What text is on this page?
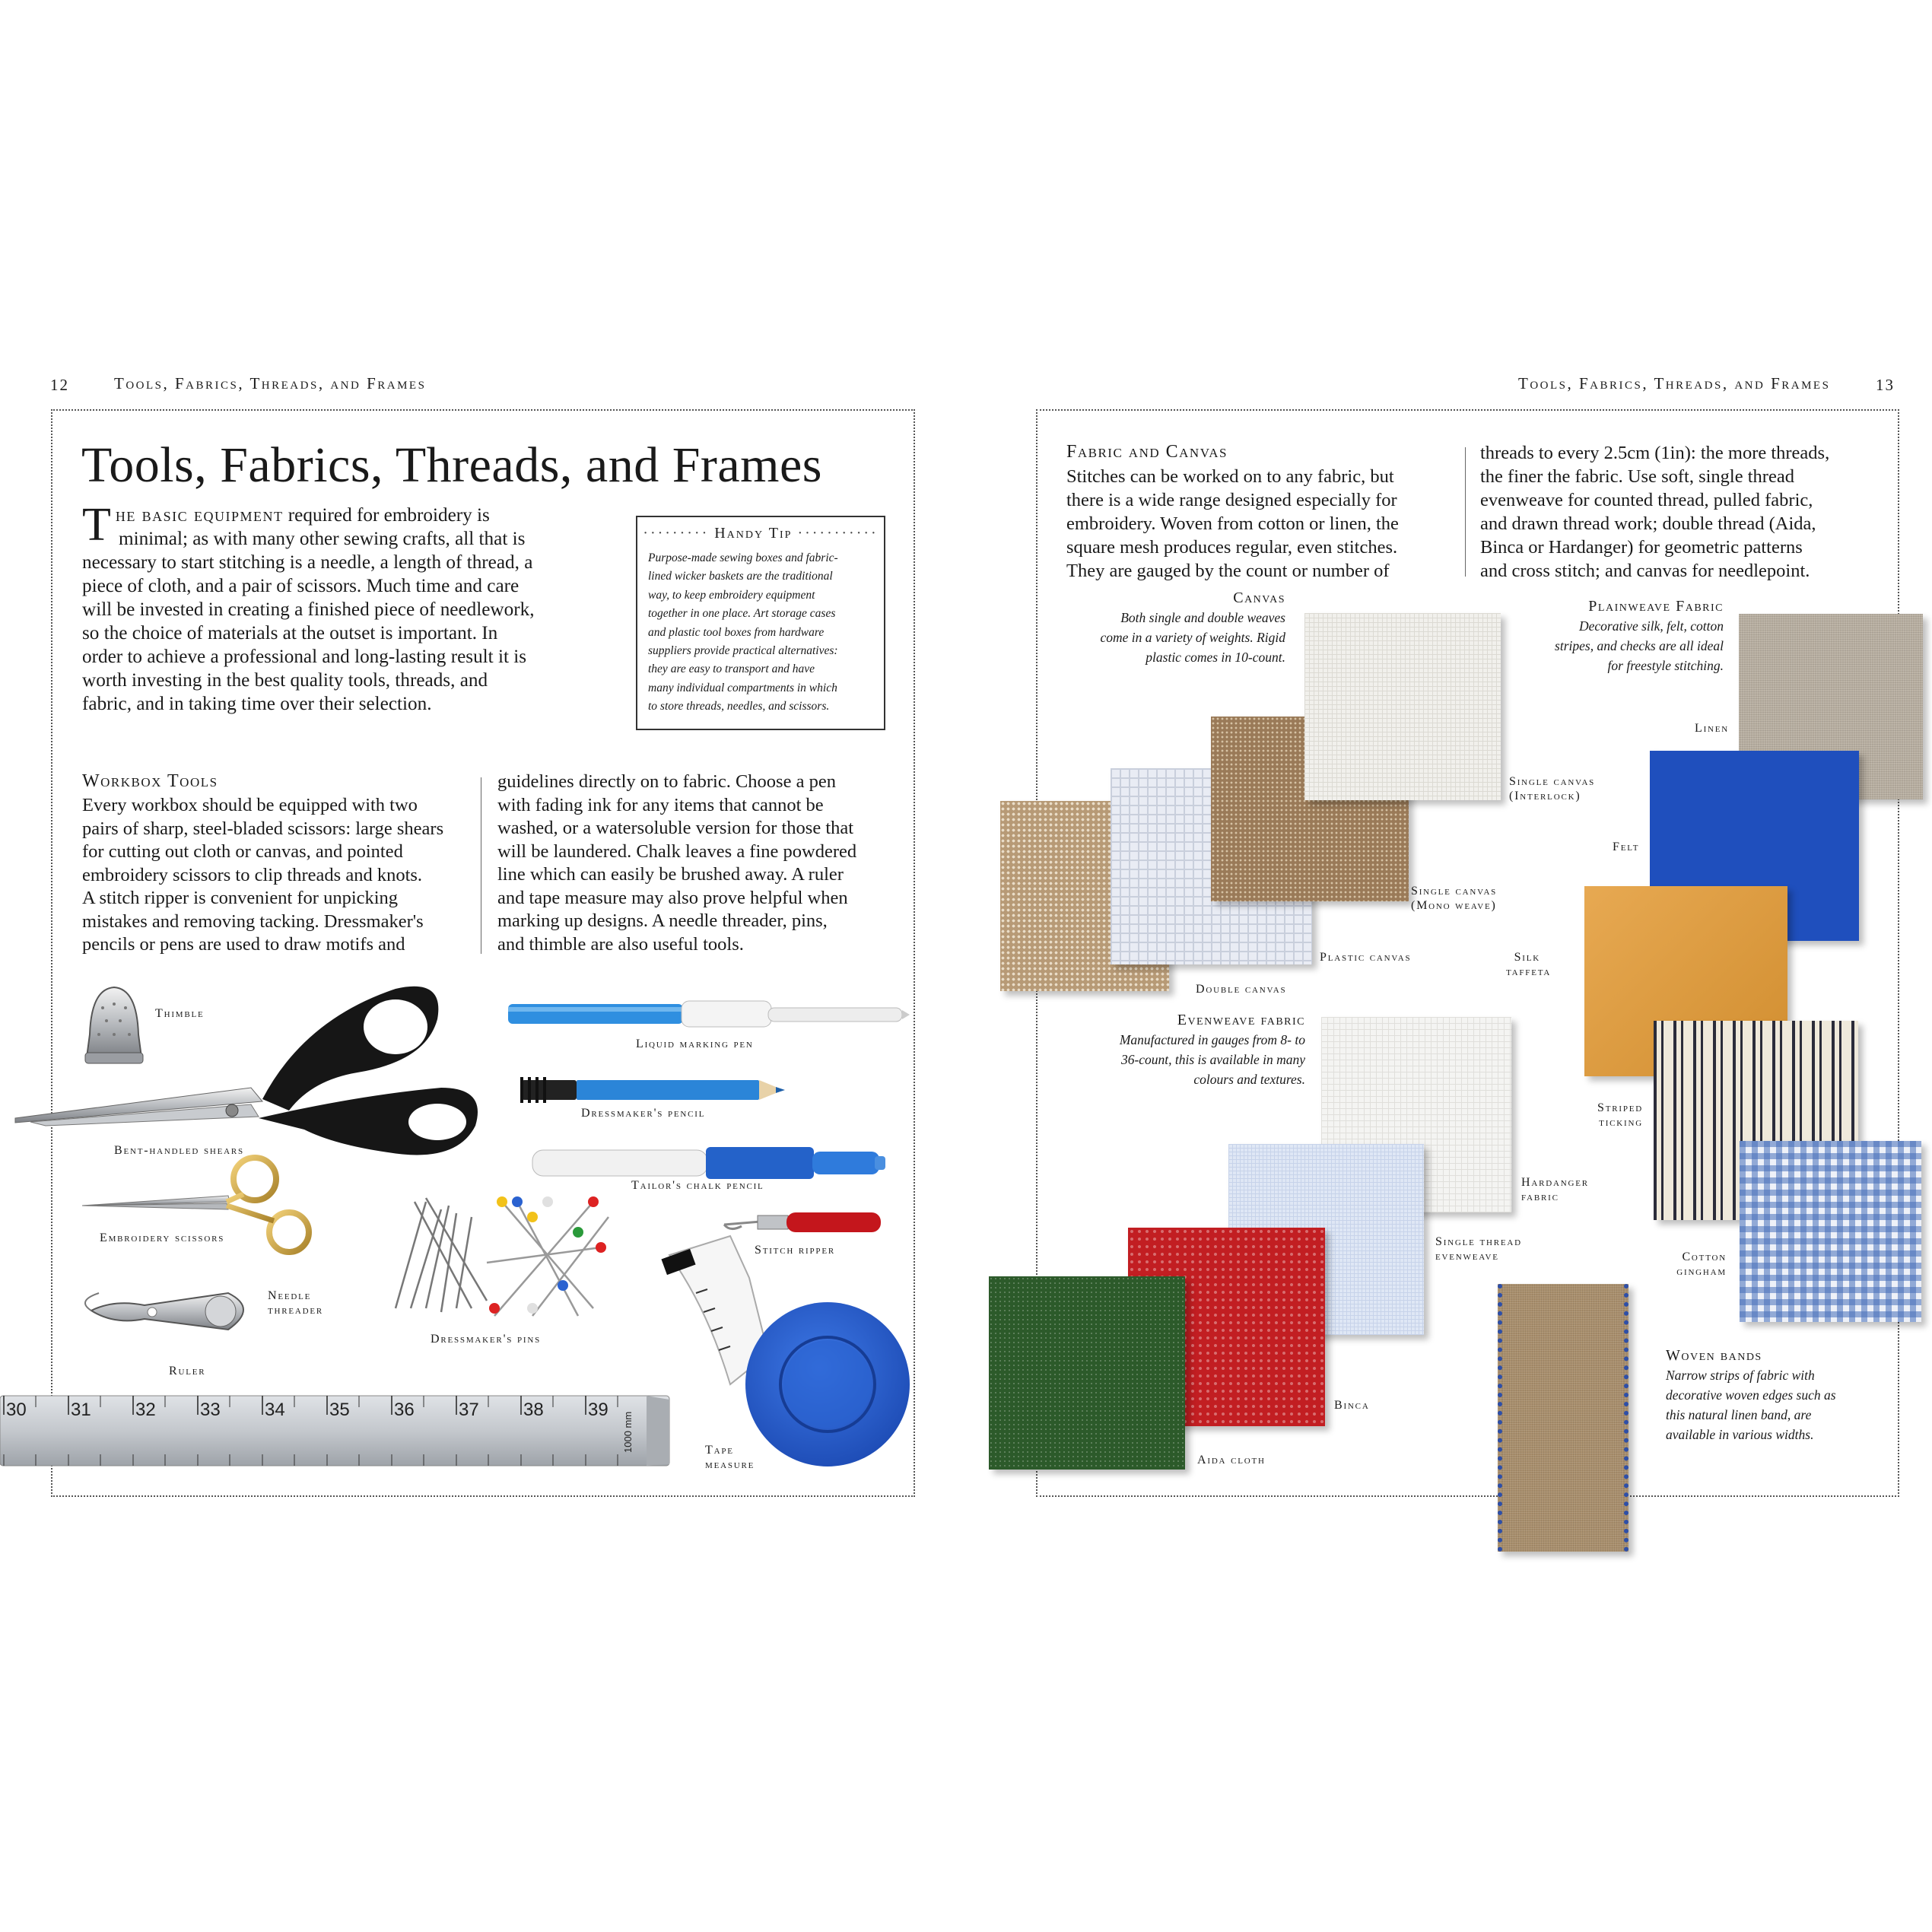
12	Tools, Fabrics, Threads, and Frames
Tools, Fabrics, Threads, and Frames
T he basic equipment required for embroidery is
minimal; as with many other sewing crafts, all that is
necessary to start stitching is a needle, a length of thread, a
piece of cloth, and a pair of scissors. Much time and care
will be invested in creating a finished piece of needlework,
so the choice of materials at the outset is important. In
order to achieve a professional and long-lasting result it is
worth investing in the best quality tools, threads, and
fabric, and in taking time over their selection.
········· Handy Tip ···········
Purpose-made sewing boxes and fabric-
lined wicker baskets are the traditional
way, to keep embroidery equipment
together in one place. Art storage cases
and plastic tool boxes from hardware
suppliers provide practical alternatives:
they are easy to transport and have
many individual compartments in which
to store threads, needles, and scissors.
Workbox Tools
Every workbox should be equipped with two
pairs of sharp, steel-bladed scissors: large shears
for cutting out cloth or canvas, and pointed
embroidery scissors to clip threads and knots.
A stitch ripper is convenient for unpicking
mistakes and removing tacking. Dressmaker's
pencils or pens are used to draw motifs and
guidelines directly on to fabric. Choose a pen
with fading ink for any items that cannot be
washed, or a watersoluble version for those that
will be laundered. Chalk leaves a fine powdered
line which can easily be brushed away. A ruler
and tape measure may also prove helpful when
marking up designs. A needle threader, pins,
and thimble are also useful tools.
30 31 32 33 34 35 36 37 38 39
1000 mm
Thimble
Bent-handled shears
Embroidery scissors
Needle
threader
Ruler
Liquid marking pen
Dressmaker's pencil
Tailor's chalk pencil
Stitch ripper
Dressmaker's pins
Tape
measure
Tools, Fabrics, Threads, and Frames	13
Fabric and Canvas
Stitches can be worked on to any fabric, but
there is a wide range designed especially for
embroidery. Woven from cotton or linen, the
square mesh produces regular, even stitches.
They are gauged by the count or number of
threads to every 2.5cm (1in): the more threads,
the finer the fabric. Use soft, single thread
evenweave for counted thread, pulled fabric,
and drawn thread work; double thread (Aida,
Binca or Hardanger) for geometric patterns
and cross stitch; and canvas for needlepoint.
Canvas
Both single and double weaves
come in a variety of weights. Rigid
plastic comes in 10-count.
Plainweave Fabric
Decorative silk, felt, cotton
stripes, and checks are all ideal
for freestyle stitching.
Evenweave fabric
Manufactured in gauges from 8- to
36-count, this is available in many
colours and textures.
Woven bands
Narrow strips of fabric with
decorative woven edges such as
this natural linen band, are
available in various widths.
Single canvas
(Interlock)
Single canvas
(Mono weave)
Plastic canvas
Double canvas
Linen
Felt
Silk
taffeta
Striped
ticking
Cotton
gingham
Hardanger
fabric
Single thread
evenweave
Binca
Aida cloth
